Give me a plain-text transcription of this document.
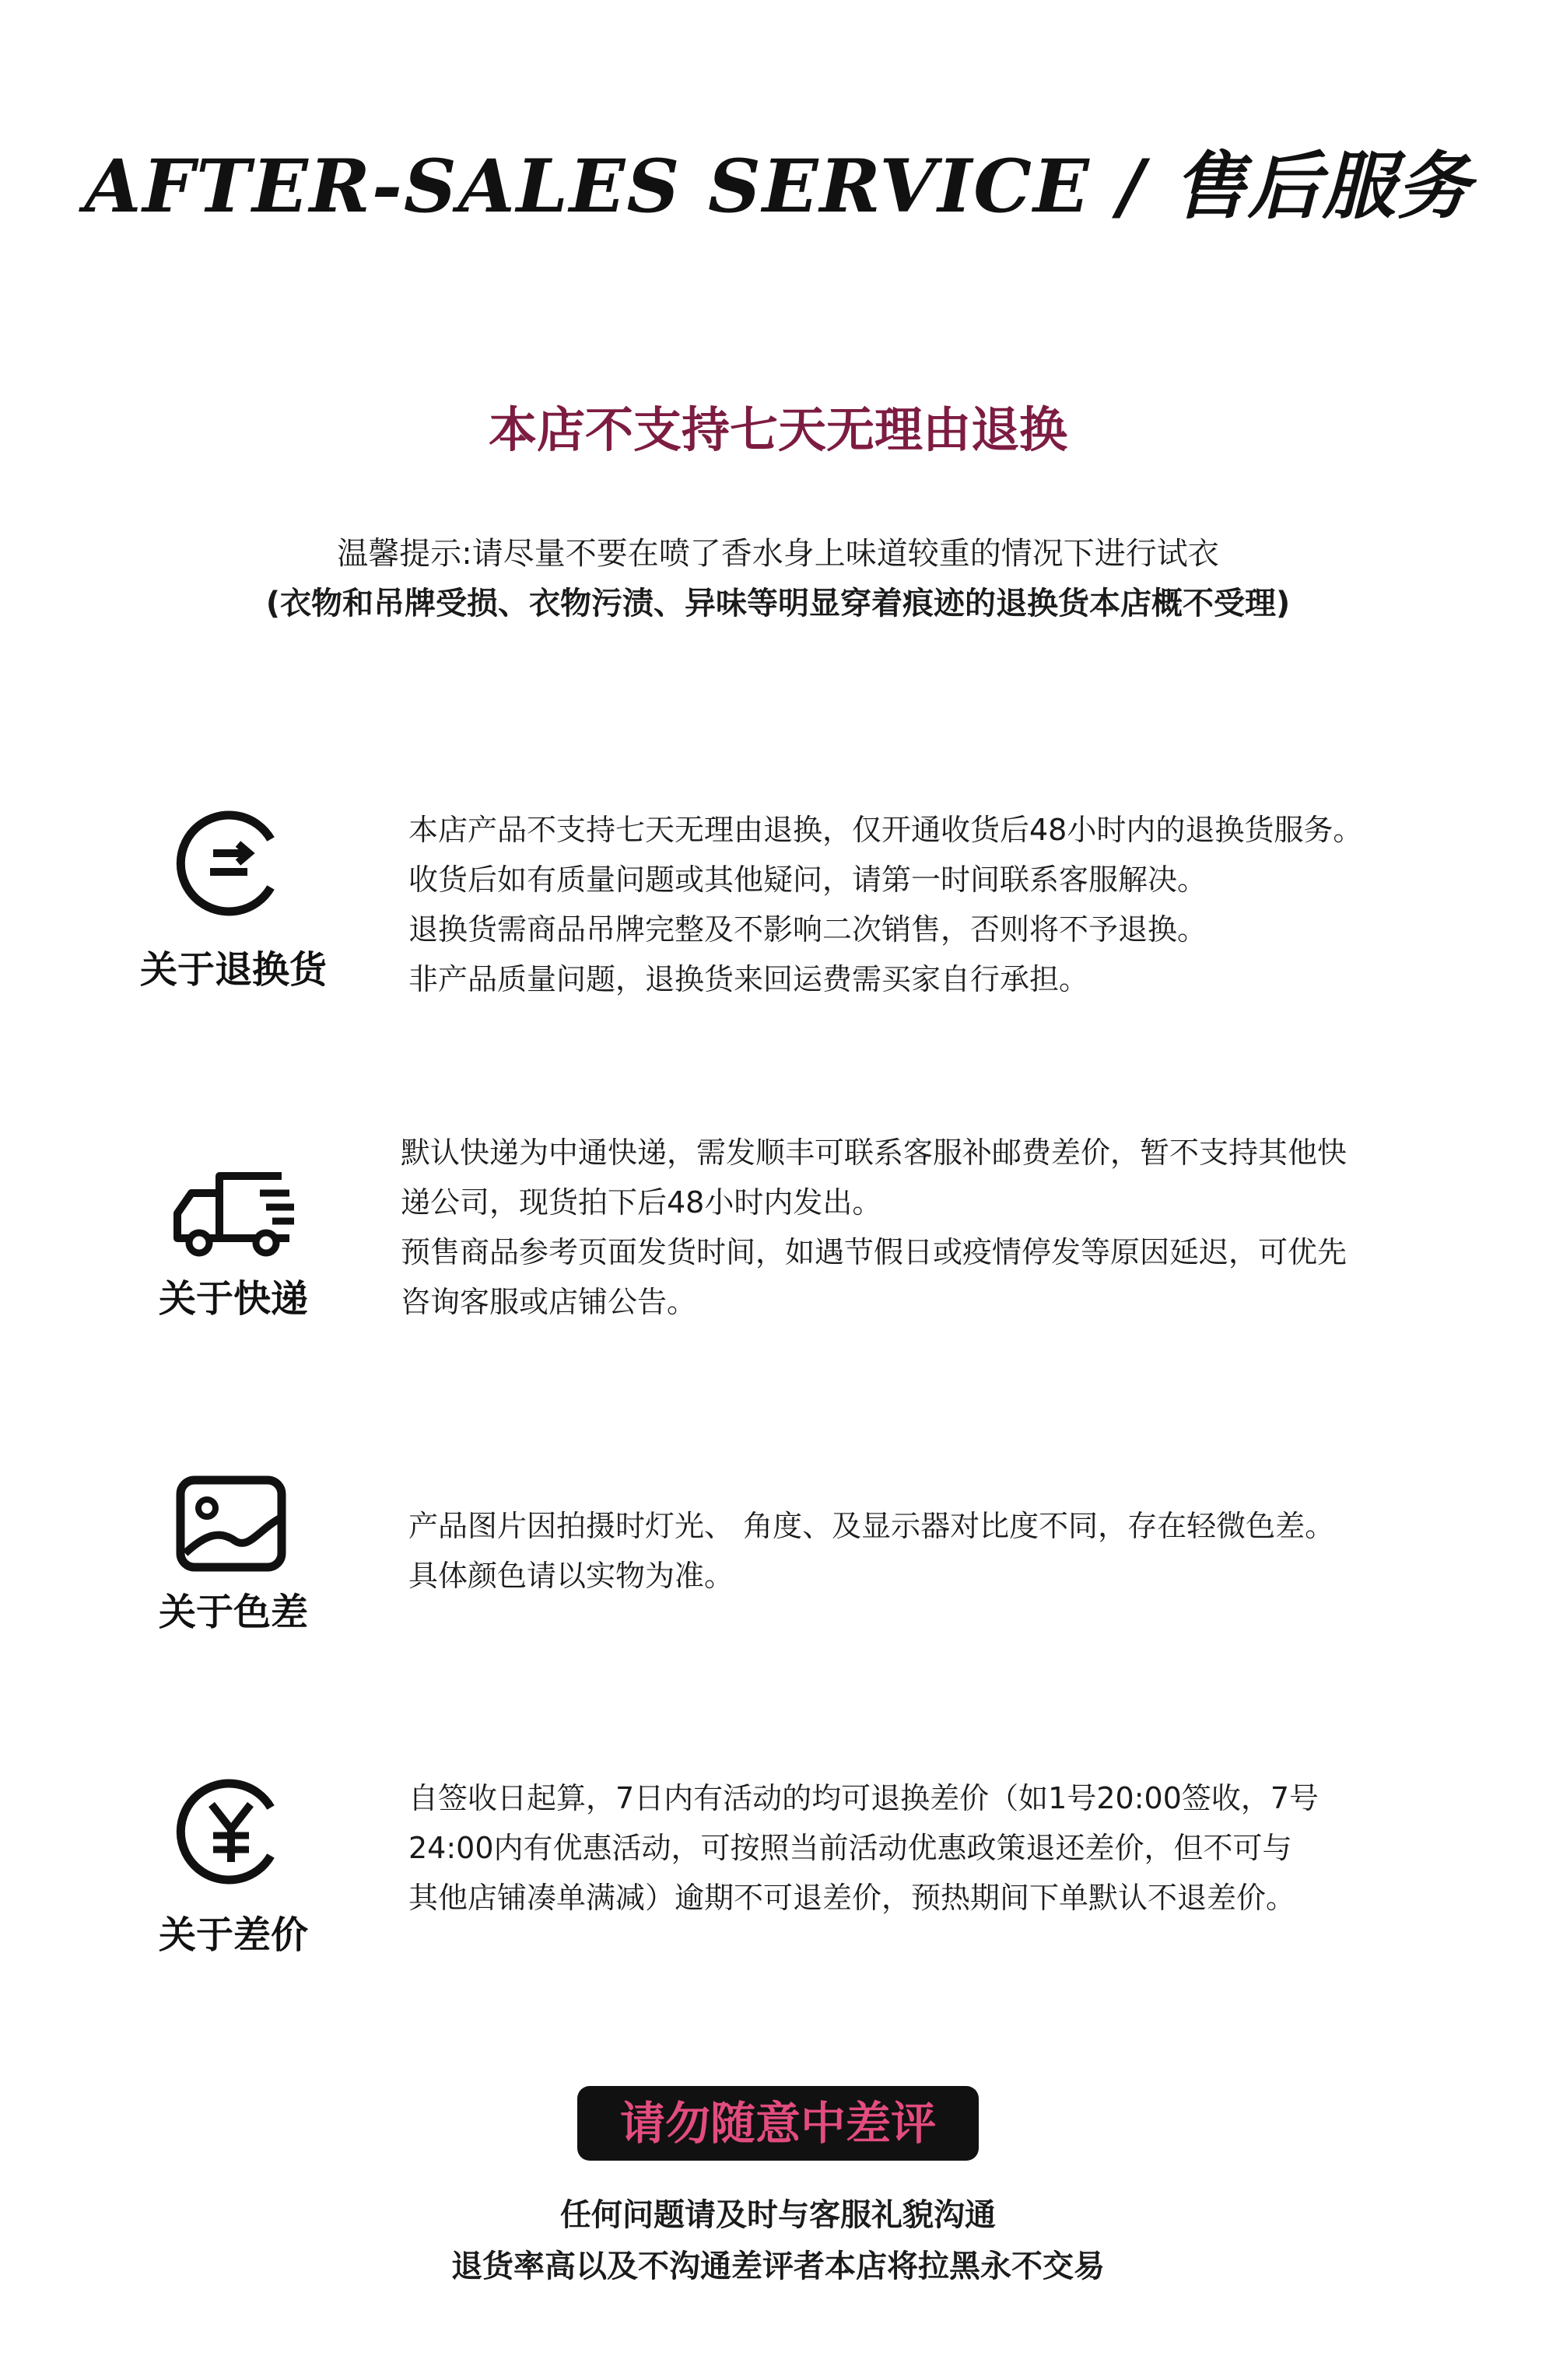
AFTER-SALES SERVICE / 售后服务
本店不支持七天无理由退换
温馨提示:请尽量不要在喷了香水身上味道较重的情况下进行试衣
(衣物和吊牌受损、衣物污渍、异味等明显穿着痕迹的退换货本店概不受理)
关于退换货
本店产品不支持七天无理由退换，仅开通收货后48小时内的退换货服务。
收货后如有质量问题或其他疑问，请第一时间联系客服解决。
退换货需商品吊牌完整及不影响二次销售，否则将不予退换。
非产品质量问题，退换货来回运费需买家自行承担。
关于快递
默认快递为中通快递，需发顺丰可联系客服补邮费差价，暂不支持其他快
递公司，现货拍下后48小时内发出。
预售商品参考页面发货时间，如遇节假日或疫情停发等原因延迟，可优先
咨询客服或店铺公告。
关于色差
产品图片因拍摄时灯光、 角度、及显示器对比度不同，存在轻微色差。
具体颜色请以实物为准。
关于差价
自签收日起算，7日内有活动的均可退换差价（如1号20:00签收，7号
24:00内有优惠活动，可按照当前活动优惠政策退还差价，但不可与
其他店铺凑单满减）逾期不可退差价，预热期间下单默认不退差价。
请勿随意中差评
任何问题请及时与客服礼貌沟通
退货率高以及不沟通差评者本店将拉黑永不交易
